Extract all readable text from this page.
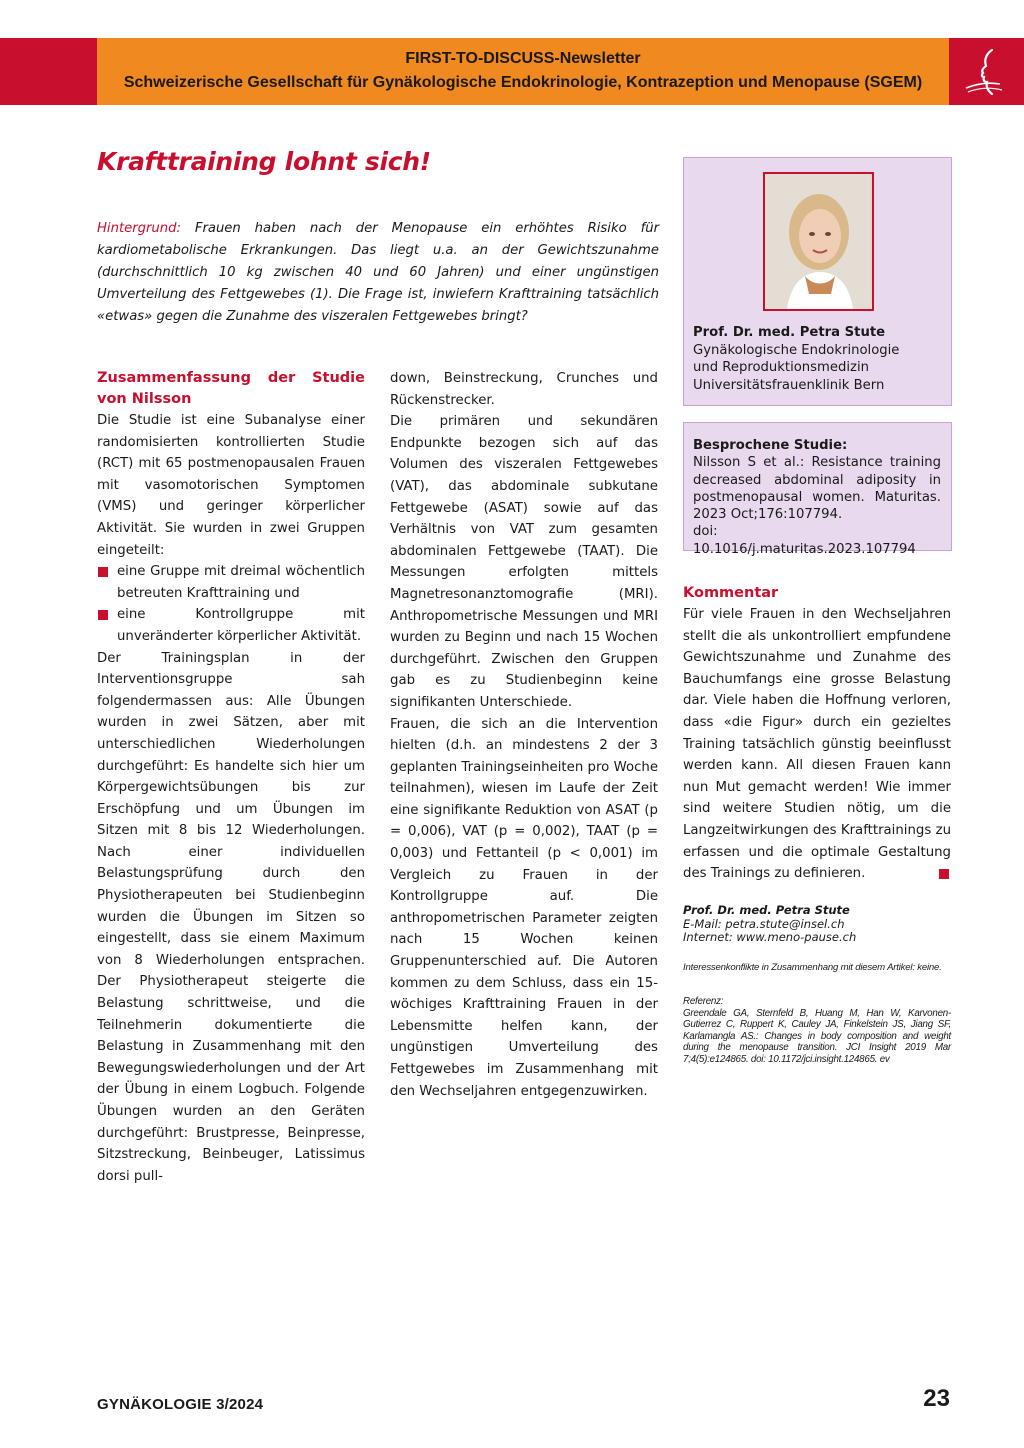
FIRST-TO-DISCUSS-Newsletter
Schweizerische Gesellschaft für Gynäkologische Endokrinologie, Kontrazeption und Menopause (SGEM)
Krafttraining lohnt sich!
Hintergrund: Frauen haben nach der Menopause ein erhöhtes Risiko für kardiometabolische Erkrankungen. Das liegt u.a. an der Gewichtszunahme (durchschnittlich 10 kg zwischen 40 und 60 Jahren) und einer ungünstigen Umverteilung des Fettgewebes (1). Die Frage ist, inwiefern Krafttraining tatsächlich «etwas» gegen die Zunahme des viszeralen Fettgewebes bringt?
Zusammenfassung der Studie von Nilsson

Die Studie ist eine Subanalyse einer randomisierten kontrollierten Studie (RCT) mit 65 postmenopausalen Frauen mit vasomotorischen Symptomen (VMS) und geringer körperlicher Aktivität. Sie wurden in zwei Gruppen eingeteilt:

eine Gruppe mit dreimal wöchentlich betreuten Krafttraining und
eine Kontrollgruppe mit unveränderter körperlicher Aktivität.

Der Trainingsplan in der Interventionsgruppe sah folgendermassen aus: Alle Übungen wurden in zwei Sätzen, aber mit unterschiedlichen Wiederholungen durchgeführt: Es handelte sich hier um Körpergewichtsübungen bis zur Erschöpfung und um Übungen im Sitzen mit 8 bis 12 Wiederholungen. Nach einer individuellen Belastungsprüfung durch den Physiotherapeuten bei Studienbeginn wurden die Übungen im Sitzen so eingestellt, dass sie einem Maximum von 8 Wiederholungen entsprachen. Der Physiotherapeut steigerte die Belastung schrittweise, und die Teilnehmerin dokumentierte die Belastung in Zusammenhang mit den Bewegungswiederholungen und der Art der Übung in einem Logbuch. Folgende Übungen wurden an den Geräten durchgeführt: Brustpresse, Beinpresse, Sitzstreckung, Beinbeuger, Latissimus dorsi pull-

down, Beinstreckung, Crunches und Rückenstrecker.

Die primären und sekundären Endpunkte bezogen sich auf das Volumen des viszeralen Fettgewebes (VAT), das abdominale subkutane Fettgewebe (ASAT) sowie auf das Verhältnis von VAT zum gesamten abdominalen Fettgewebe (TAAT). Die Messungen erfolgten mittels Magnetresonanztomografie (MRI). Anthropometrische Messungen und MRI wurden zu Beginn und nach 15 Wochen durchgeführt. Zwischen den Gruppen gab es zu Studienbeginn keine signifikanten Unterschiede.

Frauen, die sich an die Intervention hielten (d.h. an mindestens 2 der 3 geplanten Trainingseinheiten pro Woche teilnahmen), wiesen im Laufe der Zeit eine signifikante Reduktion von ASAT (p = 0,006), VAT (p = 0,002), TAAT (p = 0,003) und Fettanteil (p < 0,001) im Vergleich zu Frauen in der Kontrollgruppe auf. Die anthropometrischen Parameter zeigten nach 15 Wochen keinen Gruppenunterschied auf. Die Autoren kommen zu dem Schluss, dass ein 15-wöchiges Krafttraining Frauen in der Lebensmitte helfen kann, der ungünstigen Umverteilung des Fettgewebes im Zusammenhang mit den Wechseljahren entgegenzuwirken.

Prof. Dr. med. Petra Stute
Gynäkologische Endokrinologie
und Reproduktionsmedizin
Universitätsfrauenklinik Bern
Besprochene Studie:
Nilsson S et al.: Resistance training decreased abdominal adiposity in postmenopausal women. Maturitas. 2023 Oct;176:107794.
doi: 10.1016/j.maturitas.2023.107794
Kommentar

Für viele Frauen in den Wechseljahren stellt die als unkontrolliert empfundene Gewichtszunahme und Zunahme des Bauchumfangs eine grosse Belastung dar. Viele haben die Hoffnung verloren, dass «die Figur» durch ein gezieltes Training tatsächlich günstig beeinflusst werden kann. All diesen Frauen kann nun Mut gemacht werden! Wie immer sind weitere Studien nötig, um die Langzeitwirkungen des Krafttrainings zu erfassen und die optimale Gestaltung des Trainings zu definieren.

Prof. Dr. med. Petra Stute
E-Mail: petra.stute@insel.ch
Internet: www.meno-pause.ch
Interessenkonflikte in Zusammenhang mit diesem Artikel: keine.
Referenz:
Greendale GA, Sternfeld B, Huang M, Han W, Karvonen-Gutierrez C, Ruppert K, Cauley JA, Finkelstein JS, Jiang SF, Karlamangla AS.: Changes in body composition and weight during the menopause transition. JCI Insight 2019 Mar 7;4(5):e124865. doi: 10.1172/jci.insight.124865. ev
GYNÄKOLOGIE 3/2024	23
